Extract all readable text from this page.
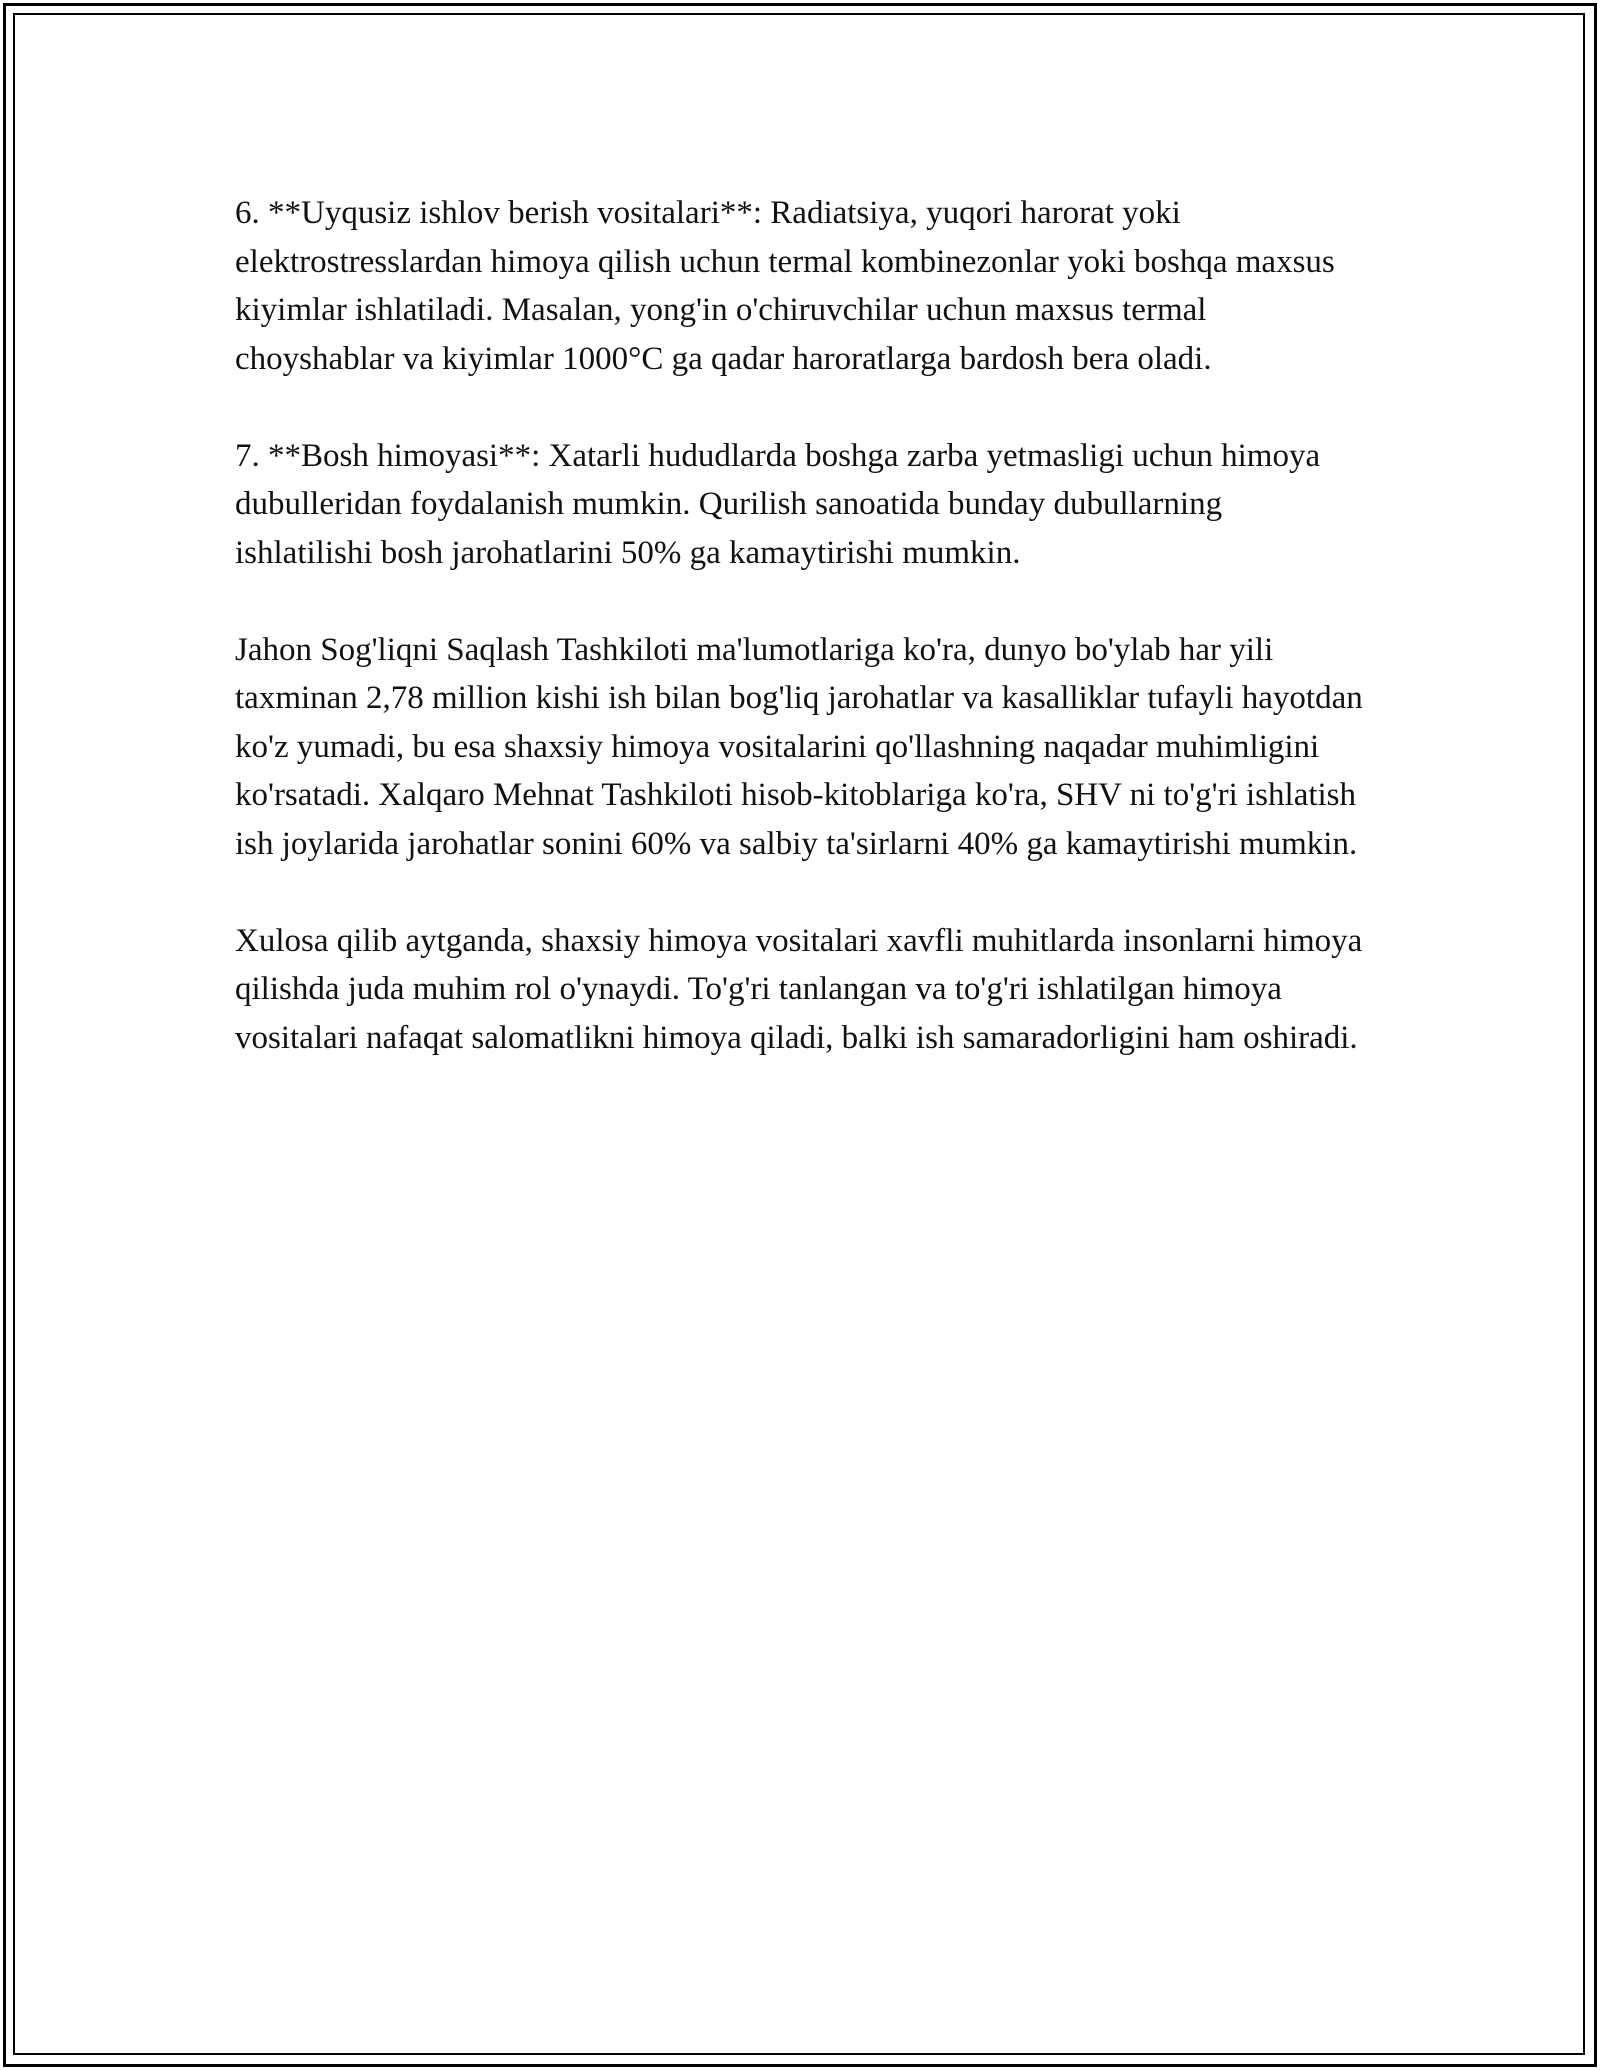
6. **Uyqusiz ishlov berish vositalari**: Radiatsiya, yuqori harorat yoki elektrostresslardan himoya qilish uchun termal kombinezonlar yoki boshqa maxsus kiyimlar ishlatiladi. Masalan, yong'in o'chiruvchilar uchun maxsus termal choyshablar va kiyimlar 1000°C ga qadar haroratlarga bardosh bera oladi.

7. **Bosh himoyasi**: Xatarli hududlarda boshga zarba yetmasligi uchun himoya dubulleridan foydalanish mumkin. Qurilish sanoatida bunday dubullarning ishlatilishi bosh jarohatlarini 50% ga kamaytirishi mumkin.

Jahon Sog'liqni Saqlash Tashkiloti ma'lumotlariga ko'ra, dunyo bo'ylab har yili taxminan 2,78 million kishi ish bilan bog'liq jarohatlar va kasalliklar tufayli hayotdan ko'z yumadi, bu esa shaxsiy himoya vositalarini qo'llashning naqadar muhimligini ko'rsatadi. Xalqaro Mehnat Tashkiloti hisob-kitoblariga ko'ra, SHV ni to'g'ri ishlatish ish joylarida jarohatlar sonini 60% va salbiy ta'sirlarni 40% ga kamaytirishi mumkin.

Xulosa qilib aytganda, shaxsiy himoya vositalari xavfli muhitlarda insonlarni himoya qilishda juda muhim rol o'ynaydi. To'g'ri tanlangan va to'g'ri ishlatilgan himoya vositalari nafaqat salomatlikni himoya qiladi, balki ish samaradorligini ham oshiradi.
